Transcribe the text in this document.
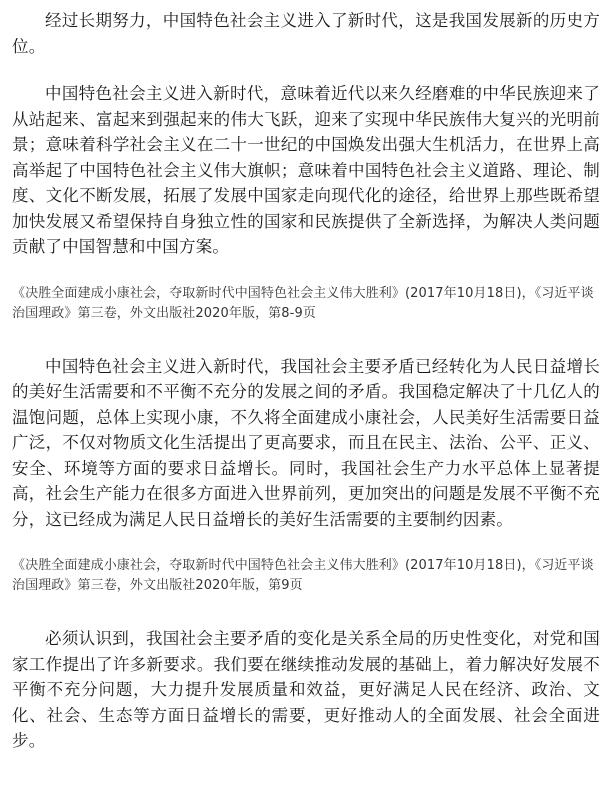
经过长期努力，中国特色社会主义进入了新时代，这是我国发展新的历史方位。

中国特色社会主义进入新时代，意味着近代以来久经磨难的中华民族迎来了从站起来、富起来到强起来的伟大飞跃，迎来了实现中华民族伟大复兴的光明前景；意味着科学社会主义在二十一世纪的中国焕发出强大生机活力，在世界上高高举起了中国特色社会主义伟大旗帜；意味着中国特色社会主义道路、理论、制度、文化不断发展，拓展了发展中国家走向现代化的途径，给世界上那些既希望加快发展又希望保持自身独立性的国家和民族提供了全新选择，为解决人类问题贡献了中国智慧和中国方案。

《决胜全面建成小康社会，夺取新时代中国特色社会主义伟大胜利》(2017年10月18日)，《习近平谈治国理政》第三卷，外文出版社2020年版，第8-9页

中国特色社会主义进入新时代，我国社会主要矛盾已经转化为人民日益增长的美好生活需要和不平衡不充分的发展之间的矛盾。我国稳定解决了十几亿人的温饱问题，总体上实现小康，不久将全面建成小康社会，人民美好生活需要日益广泛，不仅对物质文化生活提出了更高要求，而且在民主、法治、公平、正义、安全、环境等方面的要求日益增长。同时，我国社会生产力水平总体上显著提高，社会生产能力在很多方面进入世界前列，更加突出的问题是发展不平衡不充分，这已经成为满足人民日益增长的美好生活需要的主要制约因素。

《决胜全面建成小康社会，夺取新时代中国特色社会主义伟大胜利》(2017年10月18日)，《习近平谈治国理政》第三卷，外文出版社2020年版，第9页

必须认识到，我国社会主要矛盾的变化是关系全局的历史性变化，对党和国家工作提出了许多新要求。我们要在继续推动发展的基础上，着力解决好发展不平衡不充分问题，大力提升发展质量和效益，更好满足人民在经济、政治、文化、社会、生态等方面日益增长的需要，更好推动人的全面发展、社会全面进步。
